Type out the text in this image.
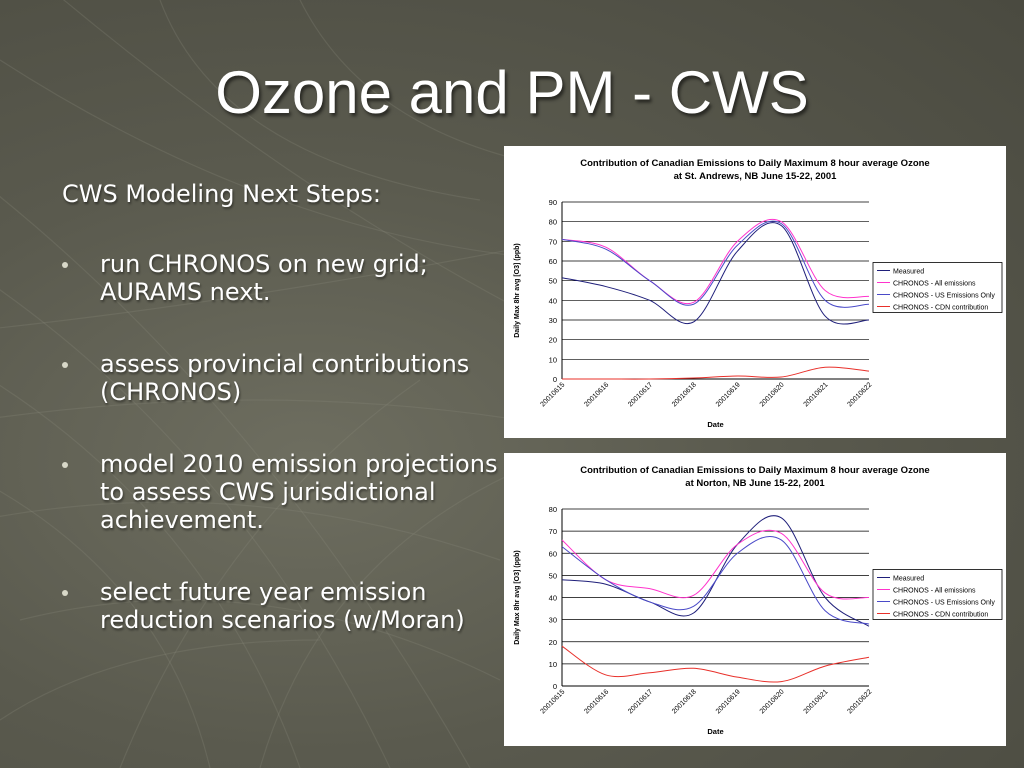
Ozone and PM - CWS
CWS Modeling Next Steps:
run CHRONOS on new grid; AURAMS next.
assess provincial contributions (CHRONOS)
model 2010 emission projections to assess CWS jurisdictional achievement.
select future year emission reduction scenarios (w/Moran)
Contribution of Canadian Emissions to Daily Maximum 8 hour average Ozone
at St. Andrews, NB June 15-22, 2001
0
10
20
30
40
50
60
70
80
90
20010615 20010616 20010617 20010618 20010619 20010620 20010621 20010622
Date
Daily Max 8hr avg [O3] (ppb)	Measured
CHRONOS - All emissions
CHRONOS - US Emissions Only
CHRONOS - CDN contribution
Contribution of Canadian Emissions to Daily Maximum 8 hour average Ozone
at Norton, NB June 15-22, 2001
0
10
20
30
40
50
60
70
80
20010615 20010616 20010617 20010618 20010619 20010620 20010621 20010622
Date
Daily Max 8hr avg [O3] (ppb)	Measured
CHRONOS - All emissions
CHRONOS - US Emissions Only
CHRONOS - CDN contribution
